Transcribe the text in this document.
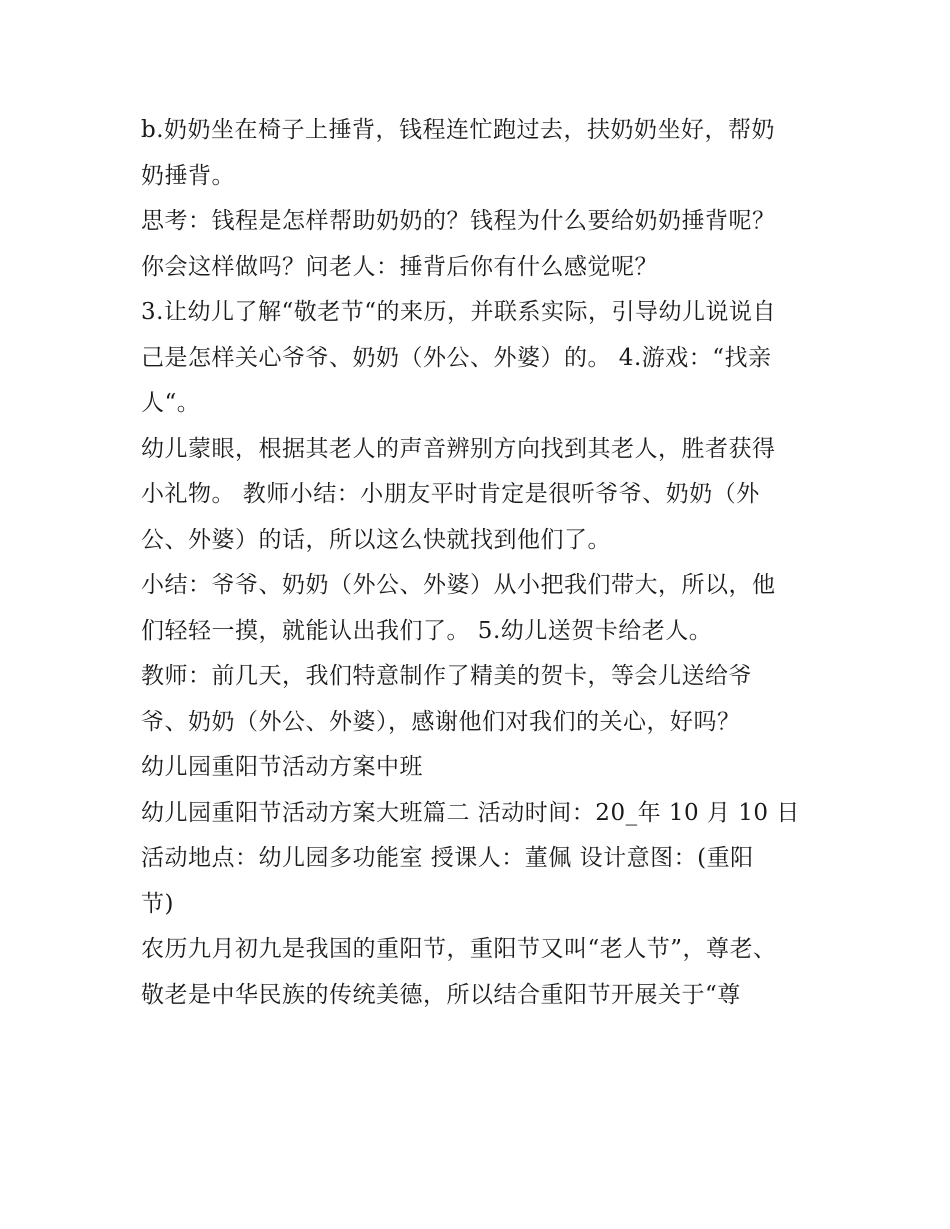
b.奶奶坐在椅子上捶背，钱程连忙跑过去，扶奶奶坐好，帮奶
奶捶背。
思考：钱程是怎样帮助奶奶的？钱程为什么要给奶奶捶背呢？
你会这样做吗？问老人：捶背后你有什么感觉呢？
3.让幼儿了解“敬老节“的来历，并联系实际，引导幼儿说说自
己是怎样关心爷爷、奶奶（外公、外婆）的。 4.游戏：“找亲
人“。
幼儿蒙眼，根据其老人的声音辨别方向找到其老人，胜者获得
小礼物。 教师小结：小朋友平时肯定是很听爷爷、奶奶（外
公、外婆）的话，所以这么快就找到他们了。
小结：爷爷、奶奶（外公、外婆）从小把我们带大，所以，他
们轻轻一摸，就能认出我们了。 5.幼儿送贺卡给老人。
教师：前几天，我们特意制作了精美的贺卡，等会儿送给爷
爷、奶奶（外公、外婆），感谢他们对我们的关心，好吗？
幼儿园重阳节活动方案中班
幼儿园重阳节活动方案大班篇二 活动时间：20_年 10 月 10 日
活动地点：幼儿园多功能室 授课人：董佩 设计意图：(重阳
节)
农历九月初九是我国的重阳节，重阳节又叫“老人节”，尊老、
敬老是中华民族的传统美德，所以结合重阳节开展关于“尊
